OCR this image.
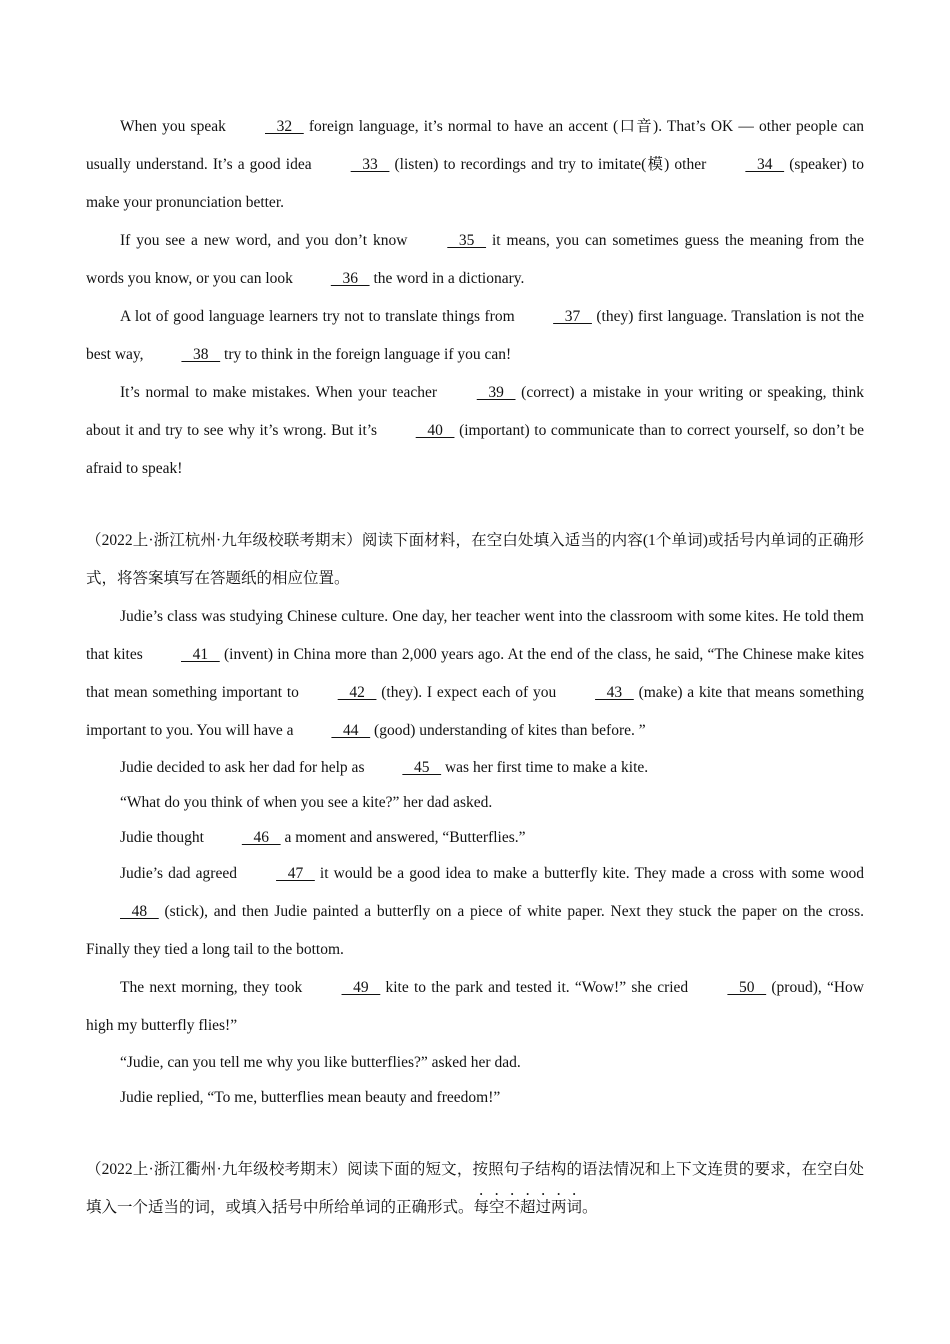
When you speak    32    foreign language, it’s normal to have an accent (口音). That’s OK — other people can usually understand. It’s a good idea    33    (listen) to recordings and try to imitate(模) other    34    (speaker) to make your pronunciation better.
If you see a new word, and you don’t know    35    it means, you can sometimes guess the meaning from the words you know, or you can look    36    the word in a dictionary.
A lot of good language learners try not to translate things from    37    (they) first language. Translation is not the best way,    38    try to think in the foreign language if you can!
It’s normal to make mistakes. When your teacher    39    (correct) a mistake in your writing or speaking, think about it and try to see why it’s wrong. But it’s    40    (important) to communicate than to correct yourself, so don’t be afraid to speak!
（2022上·浙江杭州·九年级校联考期末）阅读下面材料，在空白处填入适当的内容(1个单词)或括号内单词的正确形式，将答案填写在答题纸的相应位置。
Judie’s class was studying Chinese culture. One day, her teacher went into the classroom with some kites. He told them that kites    41    (invent) in China more than 2,000 years ago. At the end of the class, he said, “The Chinese make kites that mean something important to    42    (they). I expect each of you    43    (make) a kite that means something important to you. You will have a    44    (good) understanding of kites than before. ”
Judie decided to ask her dad for help as    45    was her first time to make a kite.
“What do you think of when you see a kite?” her dad asked.
Judie thought    46    a moment and answered, “Butterflies.”
Judie’s dad agreed    47    it would be a good idea to make a butterfly kite. They made a cross with some wood    48    (stick), and then Judie painted a butterfly on a piece of white paper. Next they stuck the paper on the cross. Finally they tied a long tail to the bottom.
The next morning, they took    49    kite to the park and tested it. “Wow!” she cried    50    (proud), “How high my butterfly flies!”
“Judie, can you tell me why you like butterflies?” asked her dad.
Judie replied, “To me, butterflies mean beauty and freedom!”
（2022上·浙江衢州·九年级校考期末）阅读下面的短文，按照句子结构的语法情况和上下文连贯的要求，在空白处填入一个适当的词，或填入括号中所给单词的正确形式。每空不超过两词。
